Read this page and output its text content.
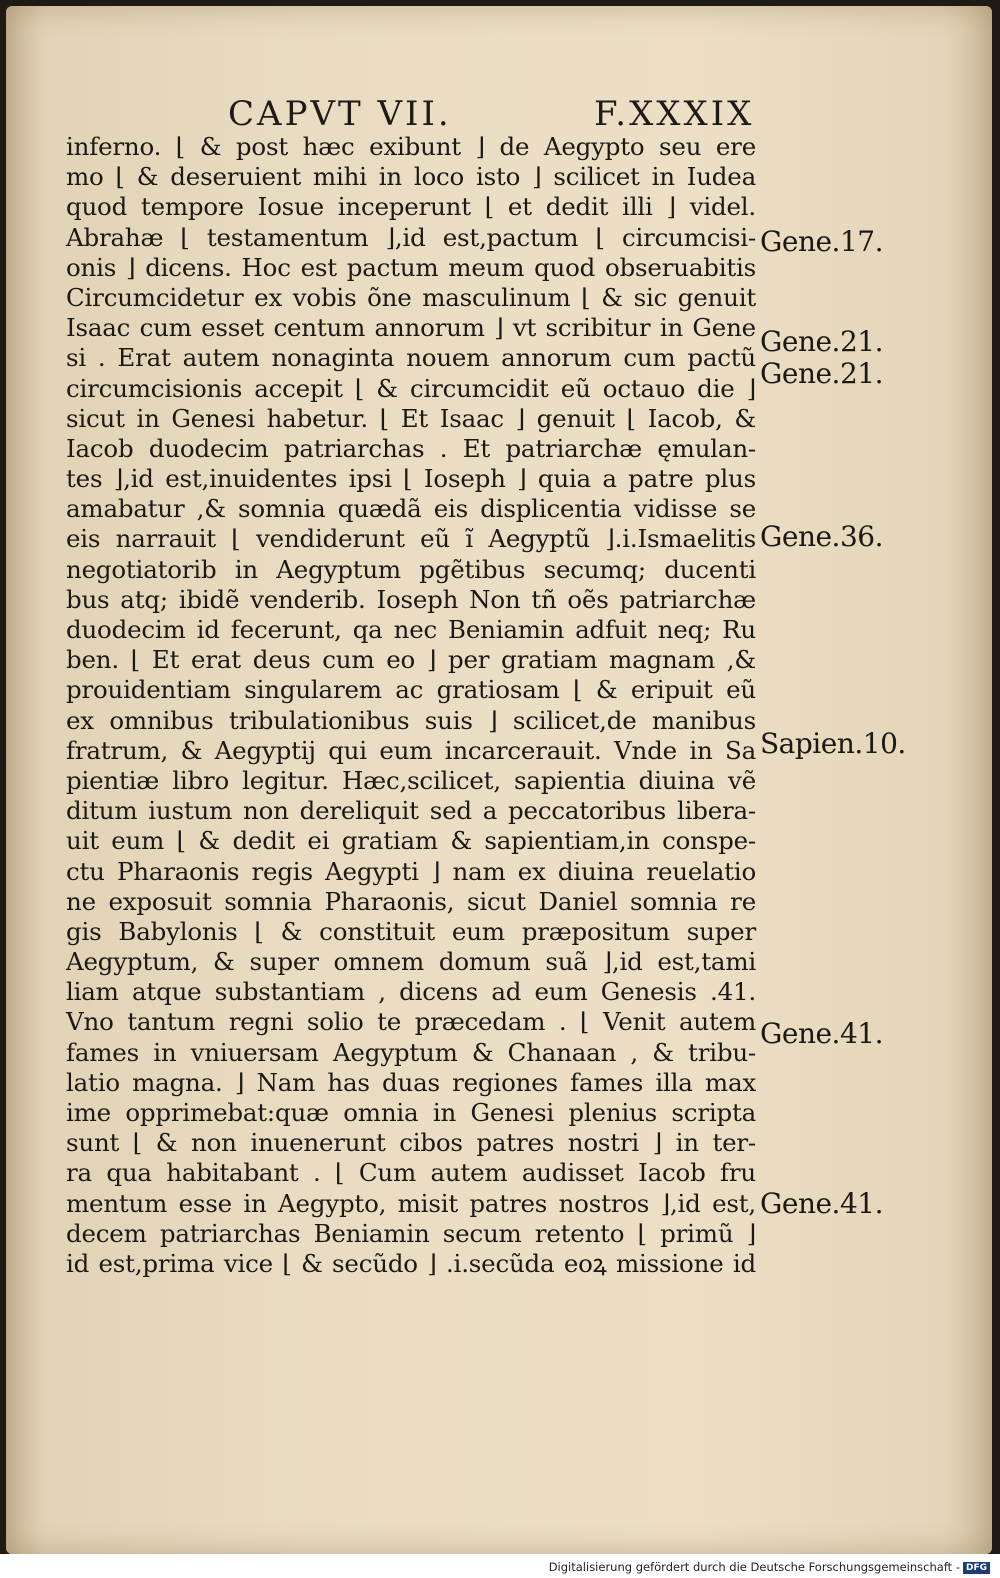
CAPVT VII.	F.XXXIX
inferno. ⌊ & post hæc exibunt ⌋ de Aegypto seu ere
mo ⌊ & deseruient mihi in loco isto ⌋ scilicet in Iudea
quod tempore Iosue inceperunt ⌊ et dedit illi ⌋ videl.
Abrahæ ⌊ testamentum ⌋,id est,pactum ⌊ circumcisi-
onis ⌋ dicens. Hoc est pactum meum quod obseruabitis
Circumcidetur ex vobis õne masculinum ⌊ & sic genuit
Isaac cum esset centum annorum ⌋ vt scribitur in Gene
si . Erat autem nonaginta nouem annorum cum pactũ
circumcisionis accepit ⌊ & circumcidit eũ octauo die ⌋
sicut in Genesi habetur. ⌊ Et Isaac ⌋ genuit ⌊ Iacob, &
Iacob duodecim patriarchas . Et patriarchæ ęmulan-
tes ⌋,id est,inuidentes ipsi ⌊ Ioseph ⌋ quia a patre plus
amabatur ,& somnia quædã eis displicentia vidisse se
eis narrauit ⌊ vendiderunt eũ ĩ Aegyptũ ⌋.i.Ismaelitis
negotiatorib in Aegyptum pgẽtibus secumq; ducenti
bus atq; ibidẽ venderib. Ioseph Non tñ oẽs patriarchæ
duodecim id fecerunt, qa nec Beniamin adfuit neq; Ru
ben. ⌊ Et erat deus cum eo ⌋ per gratiam magnam ,&
prouidentiam singularem ac gratiosam ⌊ & eripuit eũ
ex omnibus tribulationibus suis ⌋ scilicet,de manibus
fratrum, & Aegyptij qui eum incarcerauit. Vnde in Sa
pientiæ libro legitur. Hæc,scilicet, sapientia diuina vẽ
ditum iustum non dereliquit sed a peccatoribus libera-
uit eum ⌊ & dedit ei gratiam & sapientiam,in conspe-
ctu Pharaonis regis Aegypti ⌋ nam ex diuina reuelatio
ne exposuit somnia Pharaonis, sicut Daniel somnia re
gis Babylonis ⌊ & constituit eum præpositum super
Aegyptum, & super omnem domum suã ⌋,id est,tami
liam atque substantiam , dicens ad eum Genesis .41.
Vno tantum regni solio te præcedam . ⌊ Venit autem
fames in vniuersam Aegyptum & Chanaan , & tribu-
latio magna. ⌋ Nam has duas regiones fames illa max
ime opprimebat:quæ omnia in Genesi plenius scripta
sunt ⌊ & non inuenerunt cibos patres nostri ⌋ in ter-
ra qua habitabant . ⌊ Cum autem audisset Iacob fru
mentum esse in Aegypto, misit patres nostros ⌋,id est,
decem patriarchas Beniamin secum retento ⌊ primũ ⌋
id est,prima vice ⌊ & secũdo ⌋ .i.secũda eoꝝ missione id
Gene.17.
Gene.21.
Gene.21.
Gene.36.
Sapien.10.
Gene.41.
Gene.41.
Digitalisierung gefördert durch die Deutsche Forschungsgemeinschaft - DFG
